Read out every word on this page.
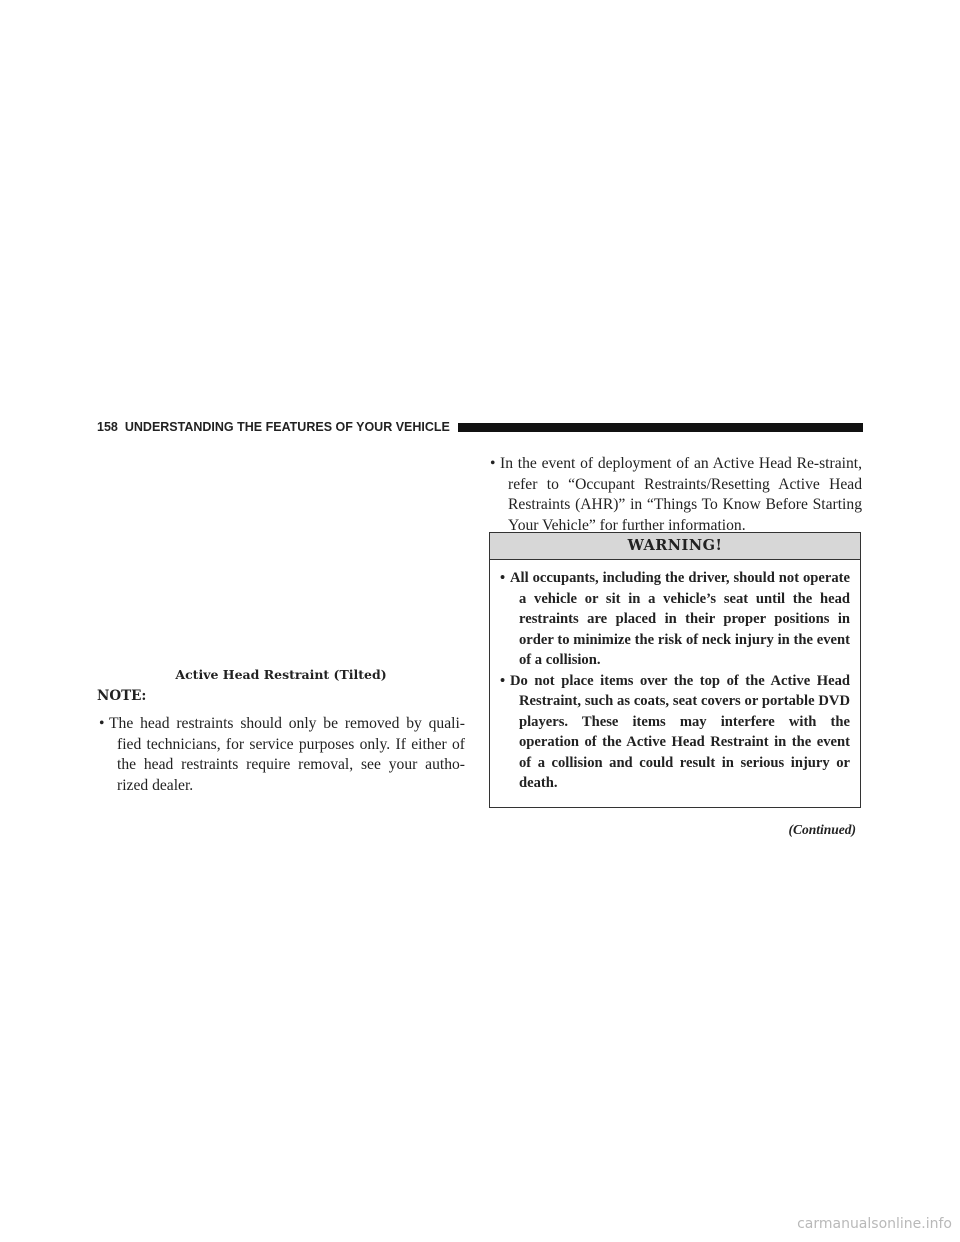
158 UNDERSTANDING THE FEATURES OF YOUR VEHICLE
Active Head Restraint (Tilted)
NOTE:
• The head restraints should only be removed by quali-fied technicians, for service purposes only. If either of the head restraints require removal, see your autho-rized dealer.
• In the event of deployment of an Active Head Re-straint, refer to “Occupant Restraints/Resetting Active Head Restraints (AHR)” in “Things To Know Before Starting Your Vehicle” for further information.
WARNING!
• All occupants, including the driver, should not operate a vehicle or sit in a vehicle’s seat until the head restraints are placed in their proper positions in order to minimize the risk of neck injury in the event of a collision.
• Do not place items over the top of the Active Head Restraint, such as coats, seat covers or portable DVD players. These items may interfere with the operation of the Active Head Restraint in the event of a collision and could result in serious injury or death.
(Continued)
carmanualsonline.info
